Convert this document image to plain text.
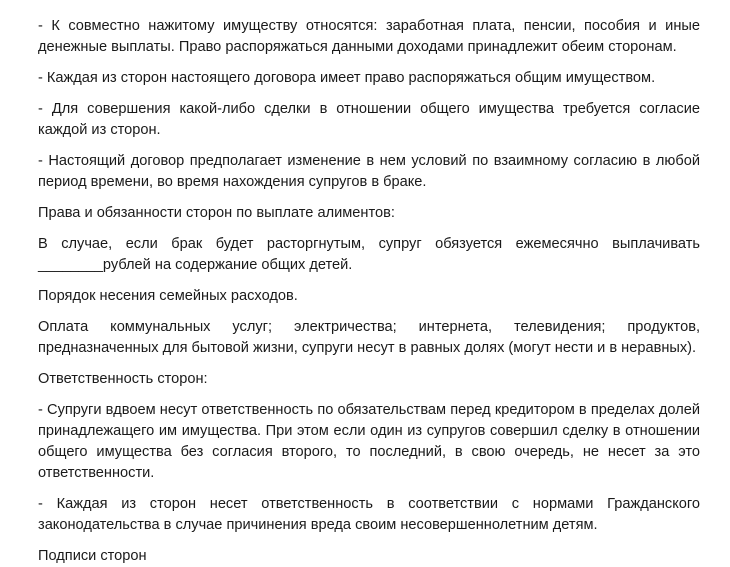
- К совместно нажитому имуществу относятся: заработная плата, пенсии, пособия и иные денежные выплаты. Право распоряжаться данными доходами принадлежит обеим сторонам.

- Каждая из сторон настоящего договора имеет право распоряжаться общим имуществом.

- Для совершения какой-либо сделки в отношении общего имущества требуется согласие каждой из сторон.

- Настоящий договор предполагает изменение в нем условий по взаимному согласию в любой период времени, во время нахождения супругов в браке.

Права и обязанности сторон по выплате алиментов:

В случае, если брак будет расторгнутым, супруг обязуется ежемесячно выплачивать ________рублей на содержание общих детей.

Порядок несения семейных расходов.

Оплата коммунальных услуг; электричества; интернета, телевидения; продуктов, предназначенных для бытовой жизни, супруги несут в равных долях (могут нести и в неравных).

Ответственность сторон:

- Супруги вдвоем несут ответственность по обязательствам перед кредитором в пределах долей принадлежащего им имущества. При этом если один из супругов совершил сделку в отношении общего имущества без согласия второго, то последний, в свою очередь, не несет за это ответственности.

- Каждая из сторон несет ответственность в соответствии с нормами Гражданского законодательства в случае причинения вреда своим несовершеннолетним детям.

Подписи сторон
